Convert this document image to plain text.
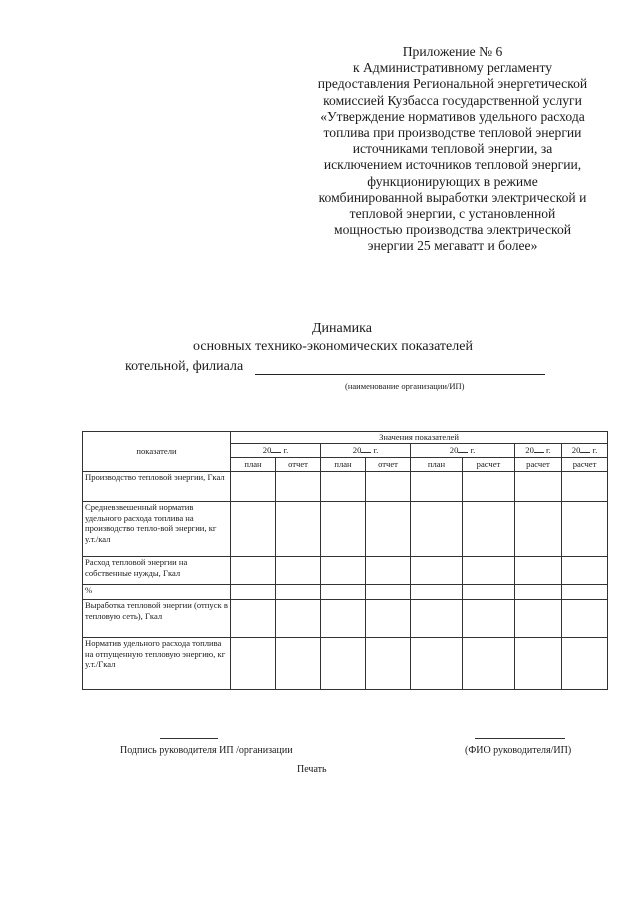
Приложение № 6
к Административному регламенту
предоставления Региональной энергетической
комиссией Кузбасса государственной услуги
«Утверждение нормативов удельного расхода
топлива при производстве тепловой энергии
источниками тепловой энергии, за
исключением источников тепловой энергии,
функционирующих в режиме
комбинированной выработки электрической и
тепловой энергии, с установленной
мощностью производства электрической
энергии 25 мегаватт и более»
Динамика
основных технико-экономических показателей
котельной, филиала
(наименование организации/ИП)
показатели	Значения показателей							
	20 г.		20 г.		20 г.		20 г.	20 г.
	план	отчет	план	отчет	план	расчет	расчет	расчет
Производство тепловой энергии, Гкал								
Средневзвешенный норматив удельного расхода топлива на производство тепло-вой энергии, кг у.т./кал								
Расход тепловой энергии на собственные нужды, Гкал								
%								
Выработка тепловой энергии (отпуск в тепловую сеть), Гкал								
Норматив удельного расхода топлива на отпущенную тепловую энергию, кг у.т./Гкал								
Подпись руководителя ИП /организации	(ФИО руководителя/ИП)
Печать
